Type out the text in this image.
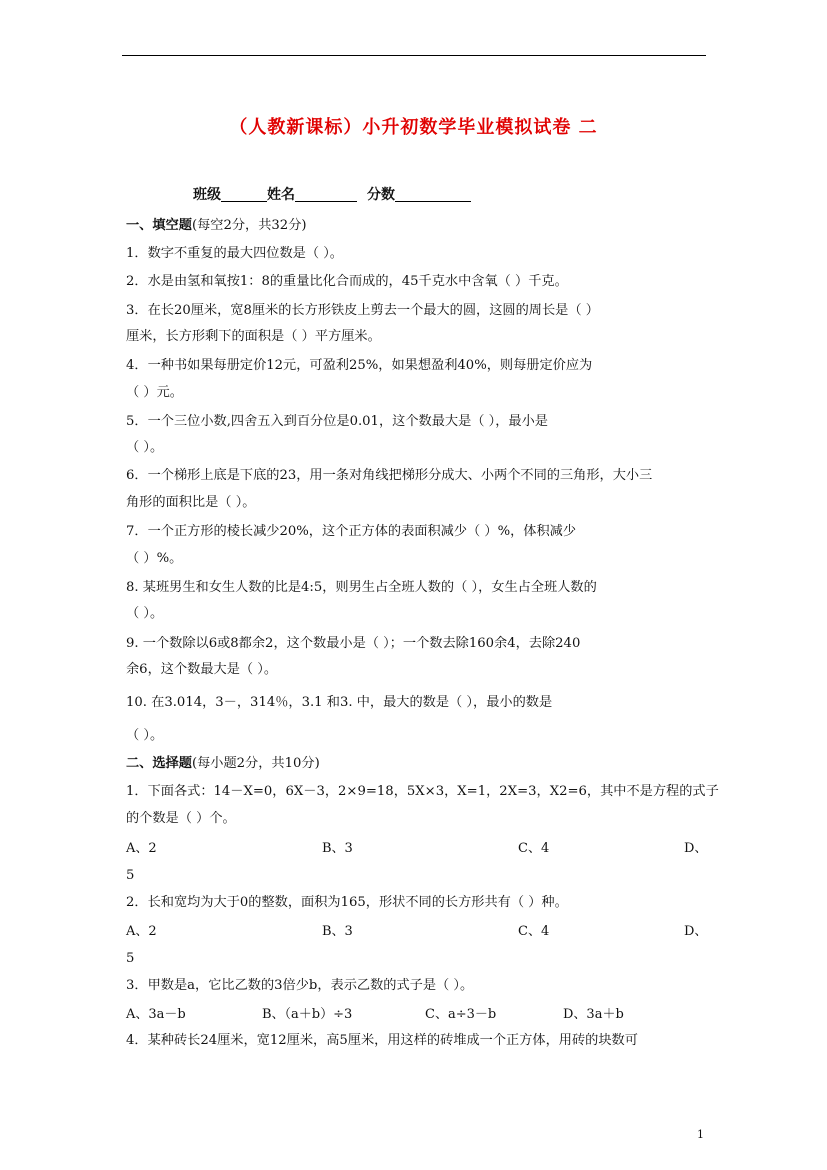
（人教新课标）小升初数学毕业模拟试卷 二
班级	姓名	分数
一、填空题(每空2分，共32分)
1．数字不重复的最大四位数是（ ）。
2．水是由氢和氧按1：8的重量比化合而成的，45千克水中含氧（ ）千克。
3．在长20厘米，宽8厘米的长方形铁皮上剪去一个最大的圆，这圆的周长是（ ）
厘米，长方形剩下的面积是（ ）平方厘米。
4．一种书如果每册定价12元，可盈利25%，如果想盈利40%，则每册定价应为
（ ）元。
5．一个三位小数,四舍五入到百分位是0.01，这个数最大是（ ），最小是
（ ）。
6．一个梯形上底是下底的23，用一条对角线把梯形分成大、小两个不同的三角形，大小三
角形的面积比是（ ）。
7．一个正方形的棱长减少20%，这个正方体的表面积减少（ ）%，体积减少
（ ）%。
8. 某班男生和女生人数的比是4:5，则男生占全班人数的（ ），女生占全班人数的
（ ）。
9. 一个数除以6或8都余2，这个数最小是（ ）；一个数去除160余4，去除240
余6，这个数最大是（ ）。
10. 在3.014，3－，314％，3.1 和3. 中，最大的数是（ ），最小的数是
（ ）。
二、选择题(每小题2分，共10分)
1．下面各式：14－X=0，6X－3，2×9=18，5X×3，X=1，2X=3，X2=6，其中不是方程的式子
的个数是（ ）个。
A、2	B、3	C、4	D、
5
2．长和宽均为大于0的整数，面积为165，形状不同的长方形共有（ ）种。
A、2	B、3	C、4	D、
5
3．甲数是a，它比乙数的3倍少b，表示乙数的式子是（ ）。
A、3a－b	B、（a＋b）÷3	C、a÷3－b	D、3a＋b
4．某种砖长24厘米，宽12厘米，高5厘米，用这样的砖堆成一个正方体，用砖的块数可
1
